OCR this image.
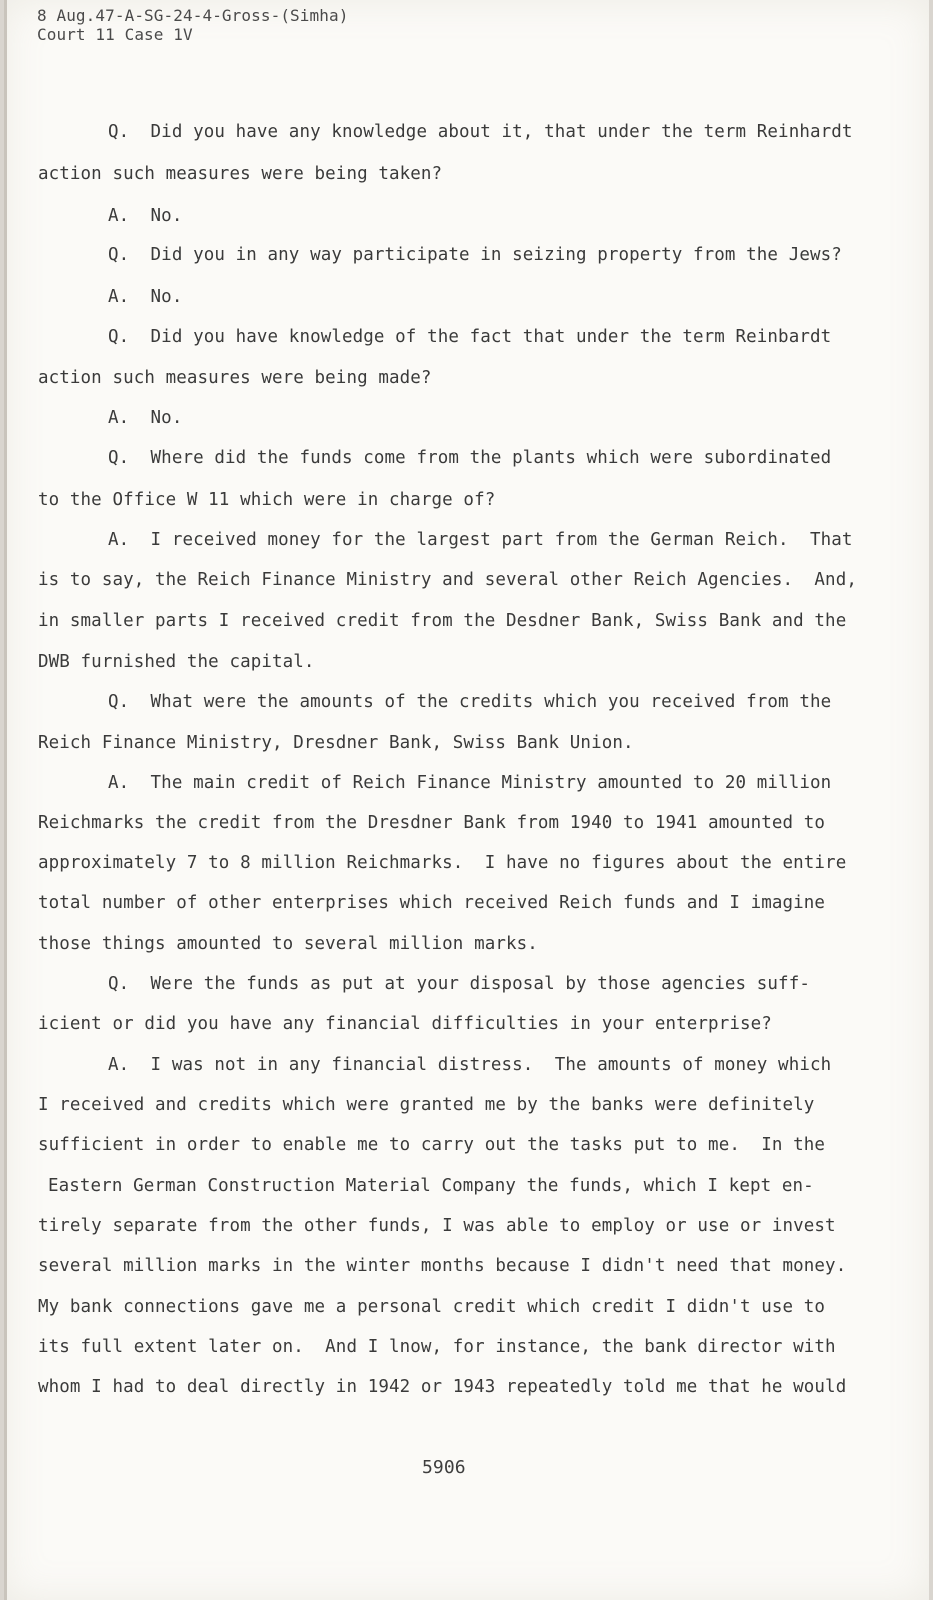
8 Aug.47-A-SG-24-4-Gross-(Simha)
Court 11 Case 1V
Q.  Did you have any knowledge about it, that under the term Reinhardt
action such measures were being taken?
A.  No.
Q.  Did you in any way participate in seizing property from the Jews?
A.  No.
Q.  Did you have knowledge of the fact that under the term Reinbardt
action such measures were being made?
A.  No.
Q.  Where did the funds come from the plants which were subordinated
to the Office W 11 which were in charge of?
A.  I received money for the largest part from the German Reich.  That
is to say, the Reich Finance Ministry and several other Reich Agencies.  And,
in smaller parts I received credit from the Desdner Bank, Swiss Bank and the
DWB furnished the capital.
Q.  What were the amounts of the credits which you received from the
Reich Finance Ministry, Dresdner Bank, Swiss Bank Union.
A.  The main credit of Reich Finance Ministry amounted to 20 million
Reichmarks the credit from the Dresdner Bank from 1940 to 1941 amounted to
approximately 7 to 8 million Reichmarks.  I have no figures about the entire
total number of other enterprises which received Reich funds and I imagine
those things amounted to several million marks.
Q.  Were the funds as put at your disposal by those agencies suff-
icient or did you have any financial difficulties in your enterprise?
A.  I was not in any financial distress.  The amounts of money which
I received and credits which were granted me by the banks were definitely
sufficient in order to enable me to carry out the tasks put to me.  In the
Eastern German Construction Material Company the funds, which I kept en-
tirely separate from the other funds, I was able to employ or use or invest
several million marks in the winter months because I didn't need that money.
My bank connections gave me a personal credit which credit I didn't use to
its full extent later on.  And I lnow, for instance, the bank director with
whom I had to deal directly in 1942 or 1943 repeatedly told me that he would
5906
